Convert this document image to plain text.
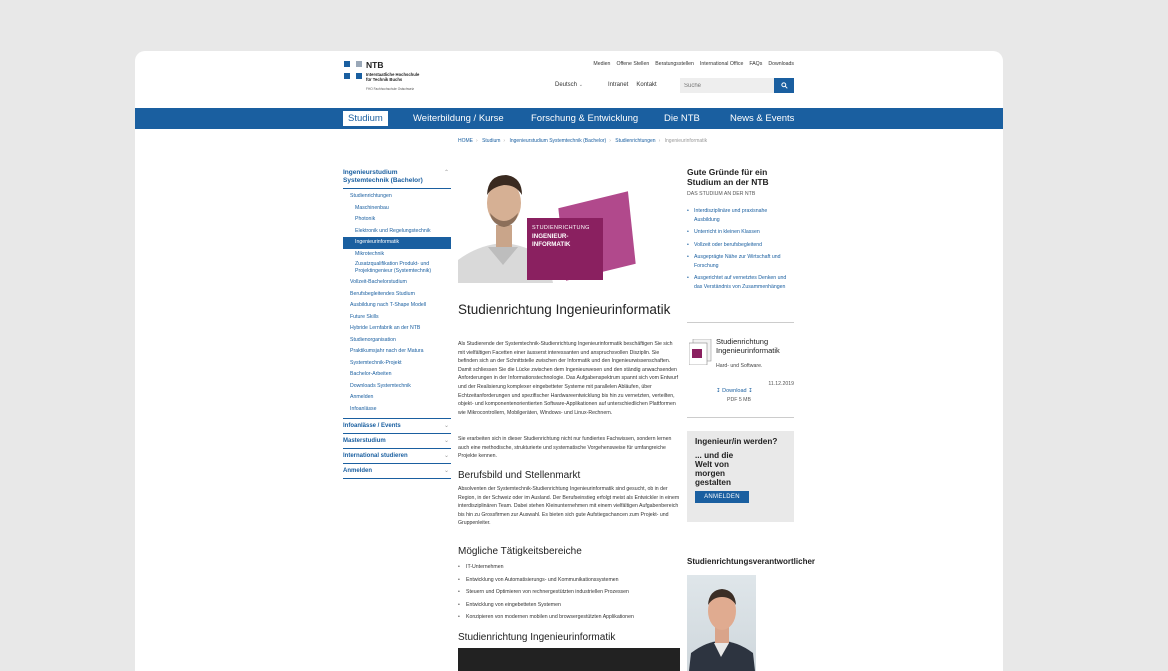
NTB
Interstaatliche Hochschule
für Technik Buchs
FHO Fachhochschule Ostschweiz
Medien Offene Stellen Beratungsstellen International Office FAQs Downloads
Deutsch ⌄	Intranet Kontakt
Suche
Studium	Weiterbildung / Kurse	Forschung & Entwicklung	Die NTB	News & Events
HOME › Studium › Ingenieurstudium Systemtechnik (Bachelor) › Studienrichtungen › Ingenieurinformatik
Ingenieurstudium Systemtechnik (Bachelor)
⌃
Studienrichtungen
Maschinenbau
Photonik
Elektronik und Regelungstechnik
Ingenieurinformatik
Mikrotechnik
Zusatzqualifikation Produkt- und Projektingenieur (Systemtechnik)
Vollzeit-Bachelorstudium
Berufsbegleitendes Studium
Ausbildung nach T-Shape Modell
Future Skills
Hybride Lernfabrik an der NTB
Studienorganisation
Praktikumsjahr nach der Matura
Systemtechnik-Projekt
Bachelor-Arbeiten
Downloads Systemtechnik
Anmelden
Infoanlässe
Infoanlässe / Events	⌄
Masterstudium	⌄
International studieren	⌄
Anmelden	⌄
STUDIENRICHTUNG
INGENIEUR-
INFORMATIK
Studienrichtung Ingenieurinformatik

Als Studierende der Systemtechnik-Studienrichtung Ingenieurinformatik beschäftigen Sie sich mit vielfältigen Facetten einer äusserst interessanten und anspruchsvollen Disziplin. Sie befinden sich an der Schnittstelle zwischen der Informatik und den Ingenieurwissenschaften. Damit schliessen Sie die Lücke zwischen dem Ingenieurwesen und den ständig anwachsenden Anforderungen in der Informationstechnologie. Das Aufgabenspektrum spannt sich vom Entwurf und der Realisierung komplexer eingebetteter Systeme mit parallelen Abläufen, über Echtzeitanforderungen und spezifischer Hardwareentwicklung bis hin zu vernetzten, verteilten, objekt- und komponentenorientierten Software-Applikationen auf unterschiedlichen Plattformen wie Mikrocontrollern, Mobilgeräten, Windows- und Linux-Rechnern.

Sie erarbeiten sich in dieser Studienrichtung nicht nur fundiertes Fachwissen, sondern lernen auch eine methodische, strukturierte und systematische Vorgehensweise für umfangreiche Projekte kennen.

Berufsbild und Stellenmarkt

Absolventen der Systemtechnik-Studienrichtung Ingenieurinformatik sind gesucht, ob in der Region, in der Schweiz oder im Ausland. Der Berufseinstieg erfolgt meist als Entwickler in einem interdisziplinären Team. Dabei stehen Kleinunternehmen mit einem vielfältigen Aufgabenbereich bis hin zu Grossfirmen zur Auswahl. Es bieten sich gute Aufstiegschancen zum Projekt- und Gruppenleiter.

Mögliche Tätigkeitsbereiche
• IT-Unternehmen
• Entwicklung von Automatisierungs- und Kommunikationssystemen
• Steuern und Optimieren von rechnergestützten industriellen Prozessen
• Entwicklung von eingebetteten Systemen
• Konzipieren von modernen mobilen und browsergestützten Applikationen
Studienrichtung Ingenieurinformatik
Gute Gründe für ein Studium an der NTB
DAS STUDIUM AN DER NTB
• Interdisziplinäre und praxisnahe Ausbildung
• Unterricht in kleinen Klassen
• Vollzeit oder berufsbegleitend
• Ausgeprägte Nähe zur Wirtschaft und Forschung
• Ausgerichtet auf vernetztes Denken und das Verständnis von Zusammenhängen
Studienrichtung Ingenieurinformatik
Hard- und Software.
11.12.2019
↧ Download ↧
PDF 5 MB
Ingenieur/in werden?
... und die Welt von morgen gestalten
ANMELDEN
Studienrichtungsverantwortlicher
